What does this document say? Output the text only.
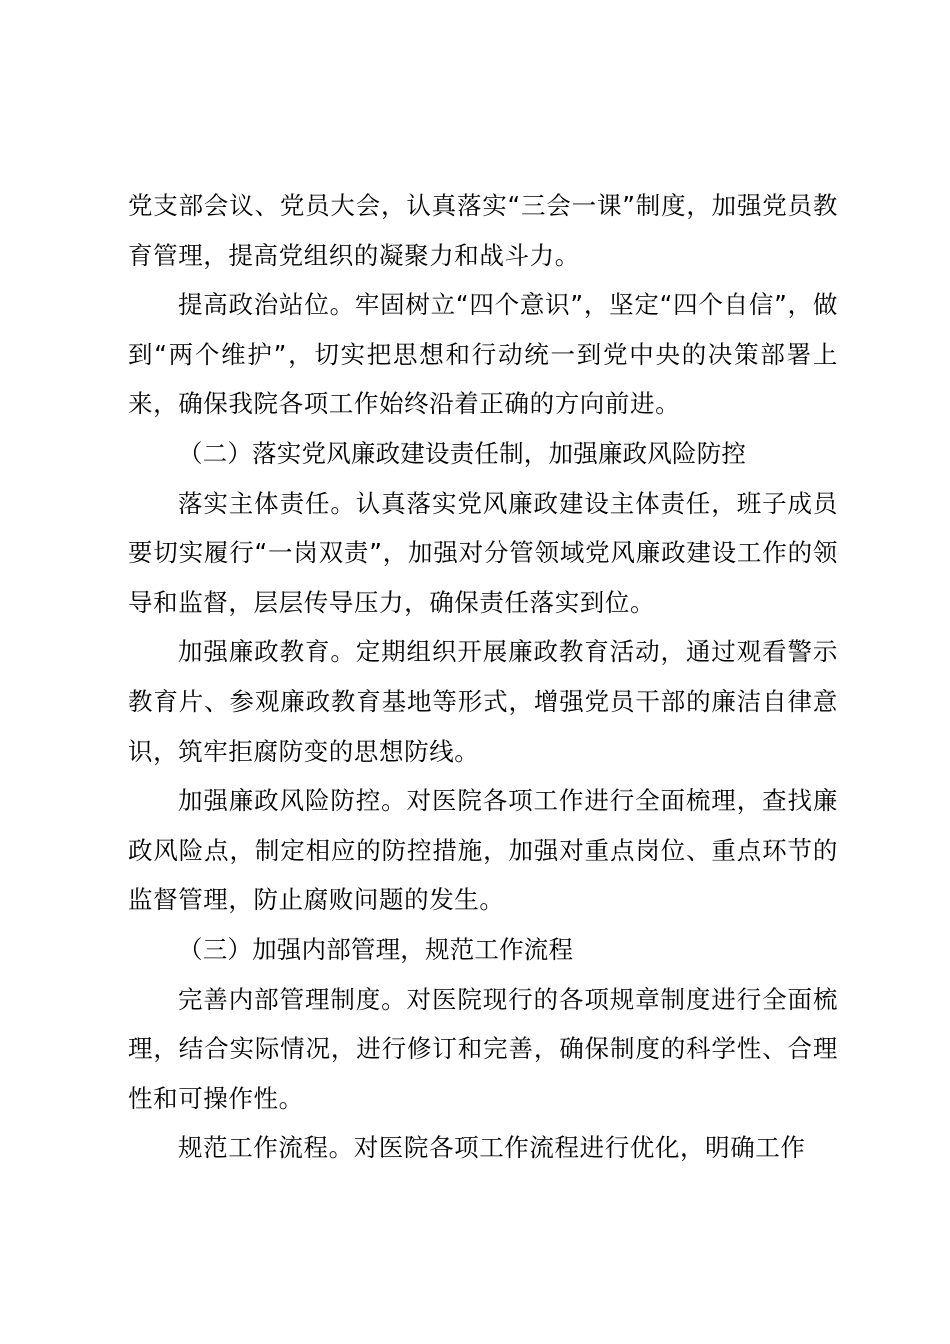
党支部会议、党员大会，认真落实“三会一课”制度，加强党员教育管理，提高党组织的凝聚力和战斗力。

提高政治站位。牢固树立“四个意识”，坚定“四个自信”，做到“两个维护”，切实把思想和行动统一到党中央的决策部署上来，确保我院各项工作始终沿着正确的方向前进。

（二）落实党风廉政建设责任制，加强廉政风险防控

落实主体责任。认真落实党风廉政建设主体责任，班子成员要切实履行“一岗双责”，加强对分管领域党风廉政建设工作的领导和监督，层层传导压力，确保责任落实到位。

加强廉政教育。定期组织开展廉政教育活动，通过观看警示教育片、参观廉政教育基地等形式，增强党员干部的廉洁自律意识，筑牢拒腐防变的思想防线。

加强廉政风险防控。对医院各项工作进行全面梳理，查找廉政风险点，制定相应的防控措施，加强对重点岗位、重点环节的监督管理，防止腐败问题的发生。

（三）加强内部管理，规范工作流程

完善内部管理制度。对医院现行的各项规章制度进行全面梳理，结合实际情况，进行修订和完善，确保制度的科学性、合理性和可操作性。

规范工作流程。对医院各项工作流程进行优化，明确工作
